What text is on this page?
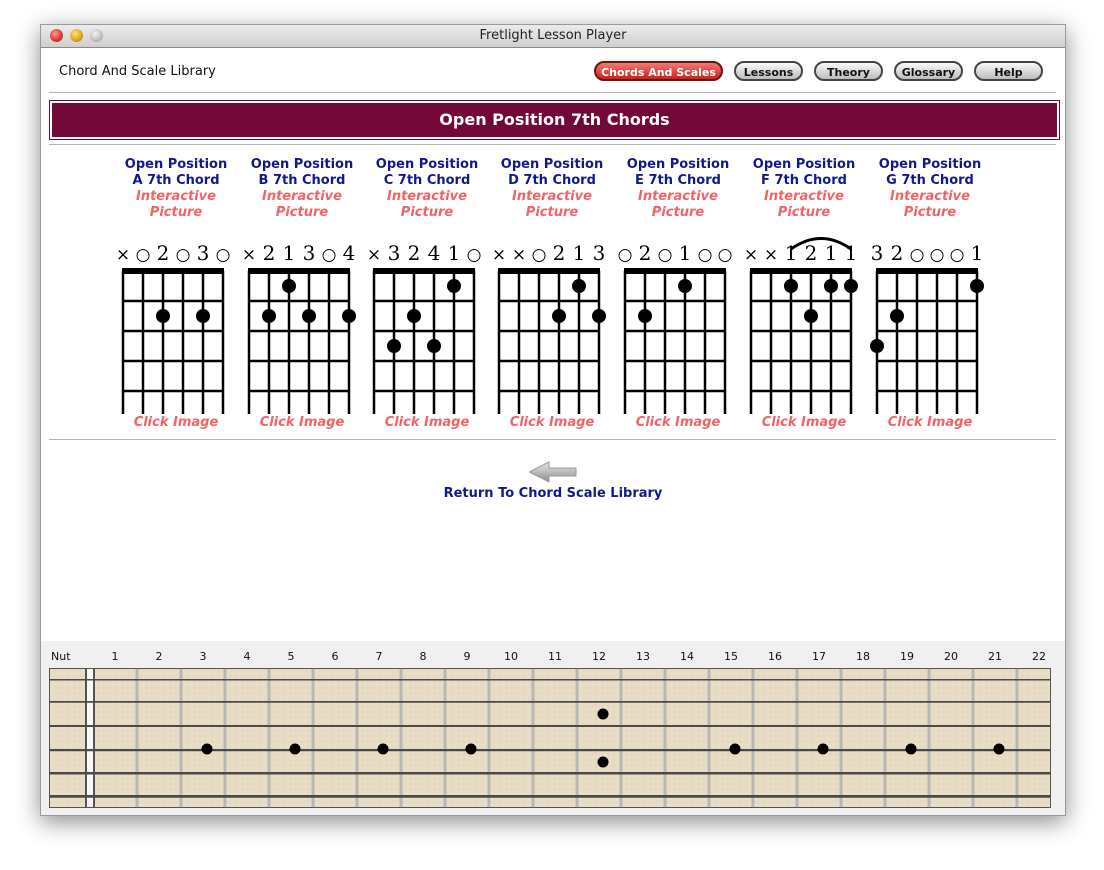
Fretlight Lesson Player
Chord And Scale Library	Chords And Scales	Lessons	Theory	Glossary	Help
Open Position 7th Chords
Open Position
A 7th Chord
Interactive
Picture
× ○ 2 ○ 3 ○
Click Image
Open Position
B 7th Chord
Interactive
Picture
× 2 1 3 ○ 4
Click Image
Open Position
C 7th Chord
Interactive
Picture
× 3 2 4 1 ○
Click Image
Open Position
D 7th Chord
Interactive
Picture
× × ○ 2 1 3
Click Image
Open Position
E 7th Chord
Interactive
Picture
○ 2 ○ 1 ○ ○
Click Image
Open Position
F 7th Chord
Interactive
Picture
× × 1 2 1 1
Click Image
Open Position
G 7th Chord
Interactive
Picture
3 2 ○ ○ ○ 1
Click Image
Return To Chord Scale Library
Nut	1	2	3	4	5	6	7	8	9	10	11	12	13	14	15	16	17	18	19	20	21	22
